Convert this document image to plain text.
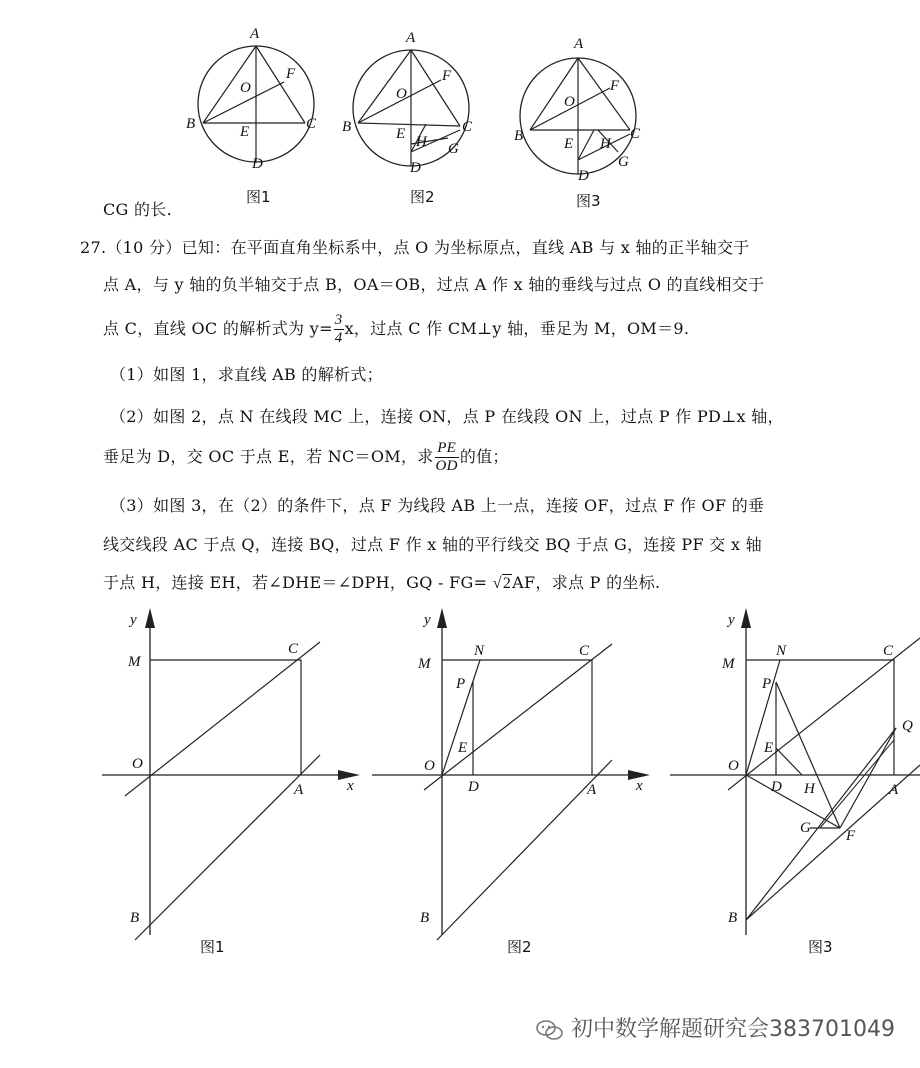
A
O
F
B	E	C
D
图1
A
O
F
B	E H
C
G
D
图2
A
O
F
B	E H
C
G
D
图3
CG 的长.
27.（10 分）已知：在平面直角坐标系中，点 O 为坐标原点，直线 AB 与 x 轴的正半轴交于
点 A，与 y 轴的负半轴交于点 B，OA＝OB，过点 A 作 x 轴的垂线与过点 O 的直线相交于
点 C，直线 OC 的解析式为 $y= \frac{3}{4}$ x，过点 C 作 CM⊥y 轴，垂足为 M，OM＝9.
（1）如图 1，求直线 AB 的解析式；
（2）如图 2，点 N 在线段 MC 上，连接 ON，点 P 在线段 ON 上，过点 P 作 PD⊥x 轴，
垂足为 D，交 OC 于点 E，若 NC＝OM，求 $\frac{PE}{OD}$ 的值；
（3）如图 3，在（2）的条件下，点 F 为线段 AB 上一点，连接 OF，过点 F 作 OF 的垂
线交线段 AC 于点 Q，连接 BQ，过点 F 作 x 轴的平行线交 BQ 于点 G，连接 PF 交 x 轴
于点 H，连接 EH，若∠DHE＝∠DPH，GQ - FG= √2AF，求点 P 的坐标.
y
M
C
O
A	x
B
图1
y
M
N	C
P
E
O
D	A	x
B
图2
y
M
N	C
P
E
O
D H	A
Q
G F
B
图3
初中数学解题研究会383701049
